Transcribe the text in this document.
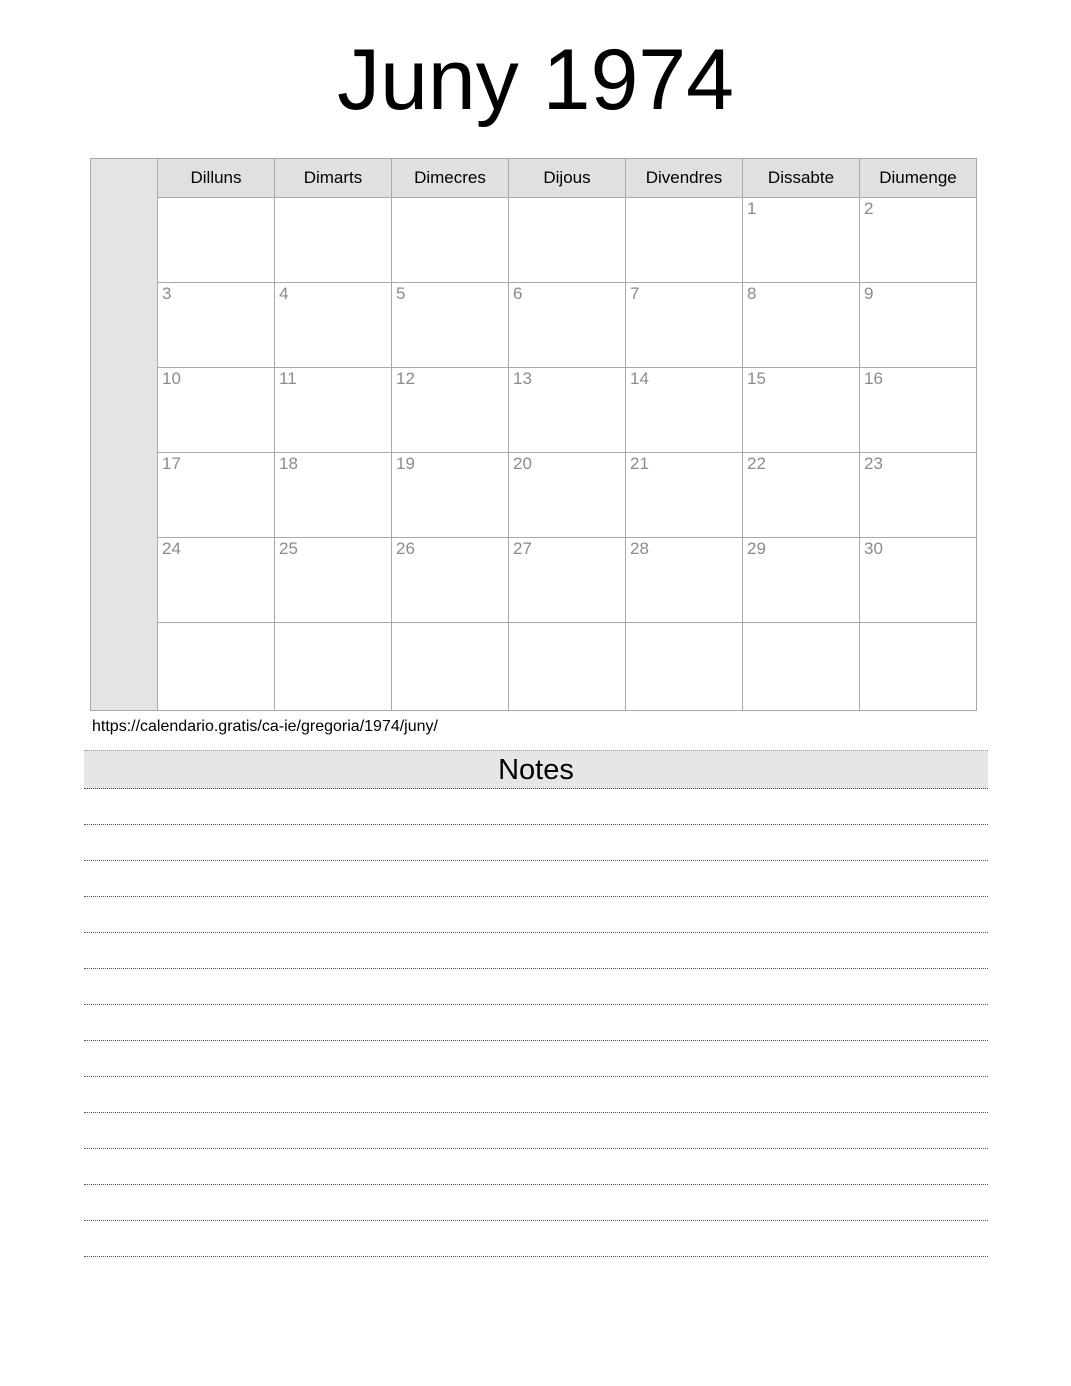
Juny 1974
	Dilluns	Dimarts	Dimecres	Dijous	Divendres	Dissabte	Diumenge
						1	2
	3	4	5	6	7	8	9
	10	11	12	13	14	15	16
	17	18	19	20	21	22	23
	24	25	26	27	28	29	30

https://calendario.gratis/ca-ie/gregoria/1974/juny/
Notes
